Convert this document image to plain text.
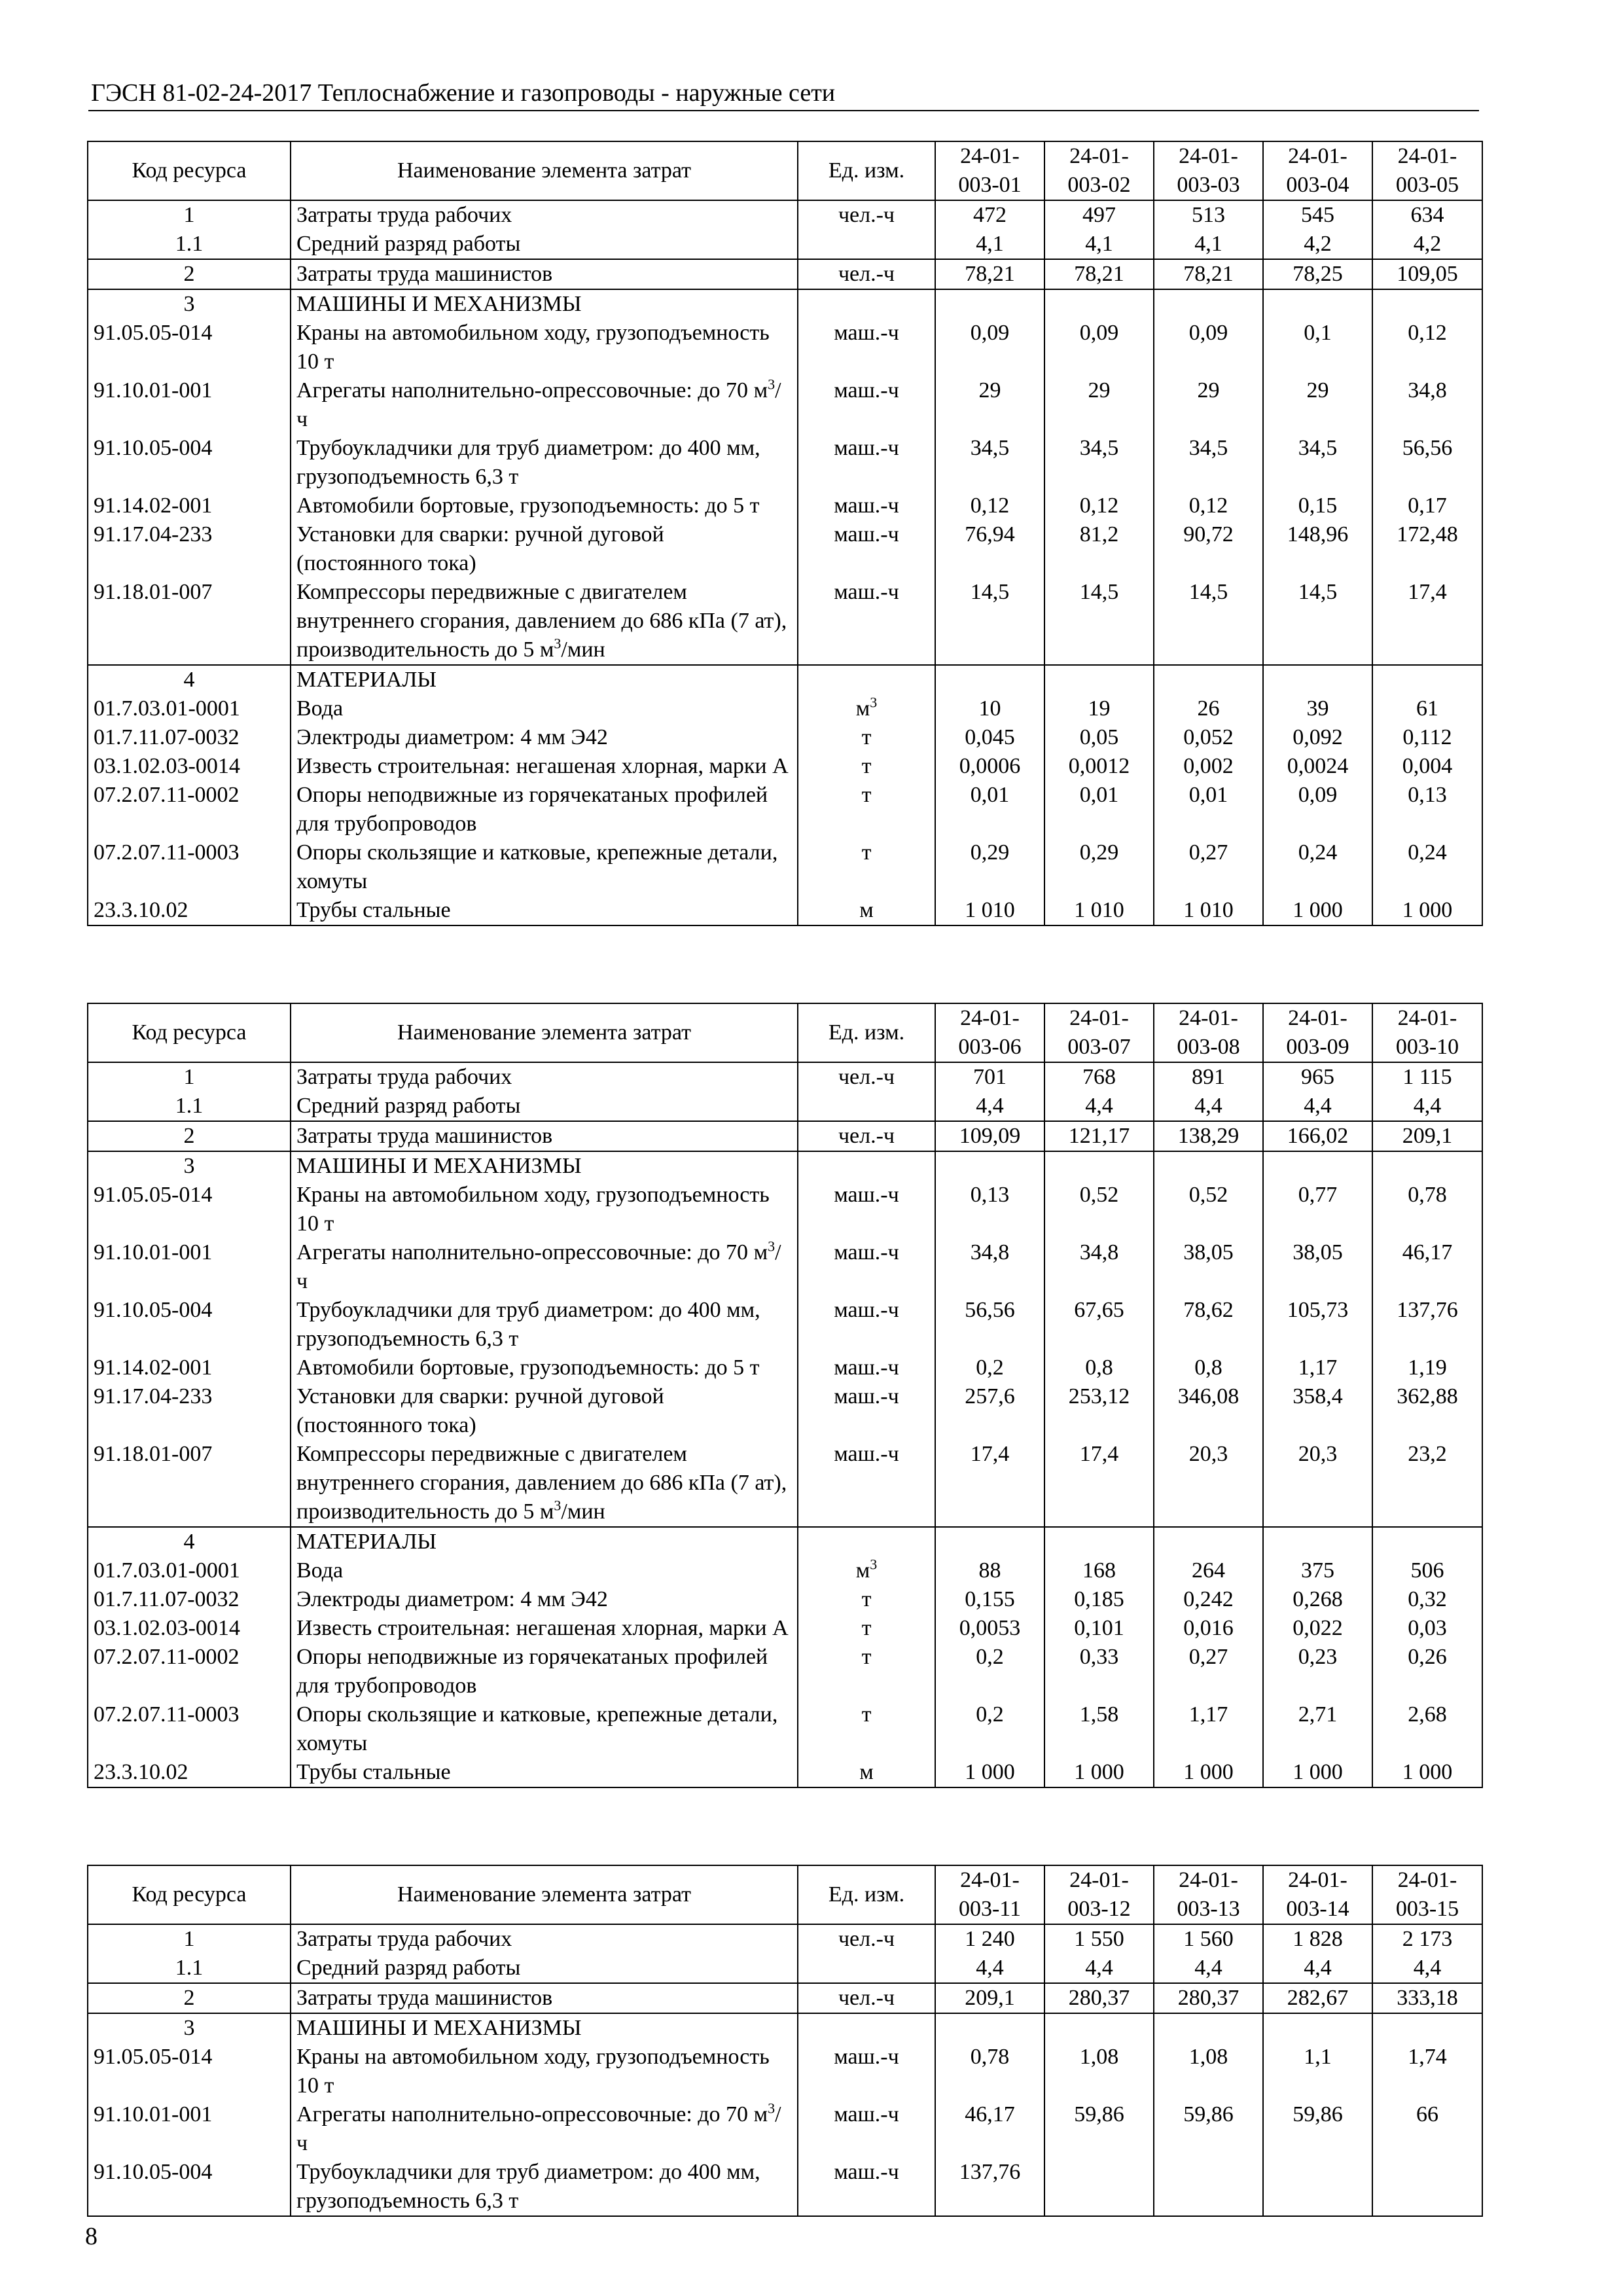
ГЭСН 81-02-24-2017 Теплоснабжение и газопроводы - наружные сети
Код ресурса	Наименование элемента затрат	Ед. изм.	24-01-003-01	24-01-003-02	24-01-003-03	24-01-003-04	24-01-003-05
1	Затраты труда рабочих	чел.-ч	472	497	513	545	634
1.1	Средний разряд работы		4,1	4,1	4,1	4,2	4,2
2	Затраты труда машинистов	чел.-ч	78,21	78,21	78,21	78,25	109,05
3	МАШИНЫ И МЕХАНИЗМЫ						
91.05.05-014	Краны на автомобильном ходу, грузоподъемность 10 т	маш.-ч	0,09	0,09	0,09	0,1	0,12
91.10.01-001	Агрегаты наполнительно-опрессовочные: до 70 $м^3/ч$	маш.-ч	29	29	29	29	34,8
91.10.05-004	Трубоукладчики для труб диаметром: до 400 мм, грузоподъемность 6,3 т	маш.-ч	34,5	34,5	34,5	34,5	56,56
91.14.02-001	Автомобили бортовые, грузоподъемность: до 5 т	маш.-ч	0,12	0,12	0,12	0,15	0,17
91.17.04-233	Установки для сварки: ручной дуговой (постоянного тока)	маш.-ч	76,94	81,2	90,72	148,96	172,48
91.18.01-007	Компрессоры передвижные с двигателем внутреннего сгорания, давлением до 686 кПа (7 ат), производительность до 5 $м^3$/мин	маш.-ч	14,5	14,5	14,5	14,5	17,4
4	МАТЕРИАЛЫ						
01.7.03.01-0001	Вода	$м^3$	10	19	26	39	61
01.7.11.07-0032	Электроды диаметром: 4 мм Э42	т	0,045	0,05	0,052	0,092	0,112
03.1.02.03-0014	Известь строительная: негашеная хлорная, марки А	т	0,0006	0,0012	0,002	0,0024	0,004
07.2.07.11-0002	Опоры неподвижные из горячекатаных профилей для трубопроводов	т	0,01	0,01	0,01	0,09	0,13
07.2.07.11-0003	Опоры скользящие и катковые, крепежные детали, хомуты	т	0,29	0,29	0,27	0,24	0,24
23.3.10.02	Трубы стальные	м	1 010	1 010	1 010	1 000	1 000
Код ресурса	Наименование элемента затрат	Ед. изм.	24-01-003-06	24-01-003-07	24-01-003-08	24-01-003-09	24-01-003-10
1	Затраты труда рабочих	чел.-ч	701	768	891	965	1 115
1.1	Средний разряд работы		4,4	4,4	4,4	4,4	4,4
2	Затраты труда машинистов	чел.-ч	109,09	121,17	138,29	166,02	209,1
3	МАШИНЫ И МЕХАНИЗМЫ						
91.05.05-014	Краны на автомобильном ходу, грузоподъемность 10 т	маш.-ч	0,13	0,52	0,52	0,77	0,78
91.10.01-001	Агрегаты наполнительно-опрессовочные: до 70 $м^3/ч$	маш.-ч	34,8	34,8	38,05	38,05	46,17
91.10.05-004	Трубоукладчики для труб диаметром: до 400 мм, грузоподъемность 6,3 т	маш.-ч	56,56	67,65	78,62	105,73	137,76
91.14.02-001	Автомобили бортовые, грузоподъемность: до 5 т	маш.-ч	0,2	0,8	0,8	1,17	1,19
91.17.04-233	Установки для сварки: ручной дуговой (постоянного тока)	маш.-ч	257,6	253,12	346,08	358,4	362,88
91.18.01-007	Компрессоры передвижные с двигателем внутреннего сгорания, давлением до 686 кПа (7 ат), производительность до 5 $м^3$/мин	маш.-ч	17,4	17,4	20,3	20,3	23,2
4	МАТЕРИАЛЫ						
01.7.03.01-0001	Вода	$м^3$	88	168	264	375	506
01.7.11.07-0032	Электроды диаметром: 4 мм Э42	т	0,155	0,185	0,242	0,268	0,32
03.1.02.03-0014	Известь строительная: негашеная хлорная, марки А	т	0,0053	0,101	0,016	0,022	0,03
07.2.07.11-0002	Опоры неподвижные из горячекатаных профилей для трубопроводов	т	0,2	0,33	0,27	0,23	0,26
07.2.07.11-0003	Опоры скользящие и катковые, крепежные детали, хомуты	т	0,2	1,58	1,17	2,71	2,68
23.3.10.02	Трубы стальные	м	1 000	1 000	1 000	1 000	1 000
Код ресурса	Наименование элемента затрат	Ед. изм.	24-01-003-11	24-01-003-12	24-01-003-13	24-01-003-14	24-01-003-15
1	Затраты труда рабочих	чел.-ч	1 240	1 550	1 560	1 828	2 173
1.1	Средний разряд работы		4,4	4,4	4,4	4,4	4,4
2	Затраты труда машинистов	чел.-ч	209,1	280,37	280,37	282,67	333,18
3	МАШИНЫ И МЕХАНИЗМЫ						
91.05.05-014	Краны на автомобильном ходу, грузоподъемность 10 т	маш.-ч	0,78	1,08	1,08	1,1	1,74
91.10.01-001	Агрегаты наполнительно-опрессовочные: до 70 $м^3/ч$	маш.-ч	46,17	59,86	59,86	59,86	66
91.10.05-004	Трубоукладчики для труб диаметром: до 400 мм, грузоподъемность 6,3 т	маш.-ч	137,76				
8
